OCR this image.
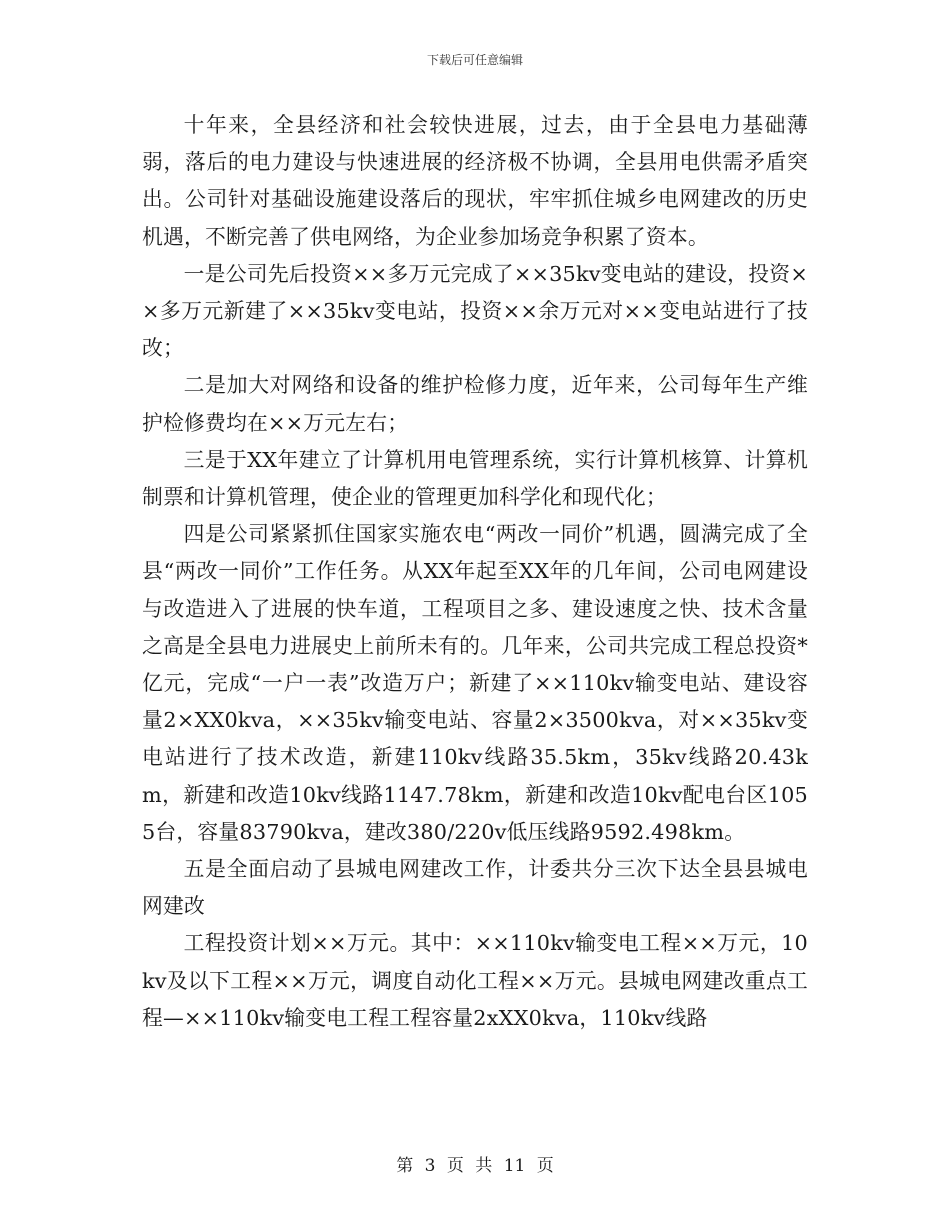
下载后可任意编辑

十年来，全县经济和社会较快进展，过去，由于全县电力基础薄弱，落后的电力建设与快速进展的经济极不协调，全县用电供需矛盾突出。公司针对基础设施建设落后的现状，牢牢抓住城乡电网建改的历史机遇，不断完善了供电网络，为企业参加场竞争积累了资本。

一是公司先后投资××多万元完成了××35kv变电站的建设，投资××多万元新建了××35kv变电站，投资××余万元对××变电站进行了技改；

二是加大对网络和设备的维护检修力度，近年来，公司每年生产维护检修费均在××万元左右；

三是于XX年建立了计算机用电管理系统，实行计算机核算、计算机制票和计算机管理，使企业的管理更加科学化和现代化；

四是公司紧紧抓住国家实施农电“两改一同价”机遇，圆满完成了全县“两改一同价”工作任务。从XX年起至XX年的几年间，公司电网建设与改造进入了进展的快车道，工程项目之多、建设速度之快、技术含量之高是全县电力进展史上前所未有的。几年来，公司共完成工程总投资*亿元，完成“一户一表”改造万户；新建了××110kv输变电站、建设容量2×XX0kva，××35kv输变电站、容量2×3500kva，对××35kv变电站进行了技术改造，新建110kv线路35.5km，35kv线路20.43km，新建和改造10kv线路1147.78km，新建和改造10kv配电台区1055台，容量83790kva，建改380/220v低压线路9592.498km。

五是全面启动了县城电网建改工作，计委共分三次下达全县县城电网建改

工程投资计划××万元。其中：××110kv输变电工程××万元，10kv及以下工程××万元，调度自动化工程××万元。县城电网建改重点工程—××110kv输变电工程工程容量2xXX0kva，110kv线路

第 3 页 共 11 页
